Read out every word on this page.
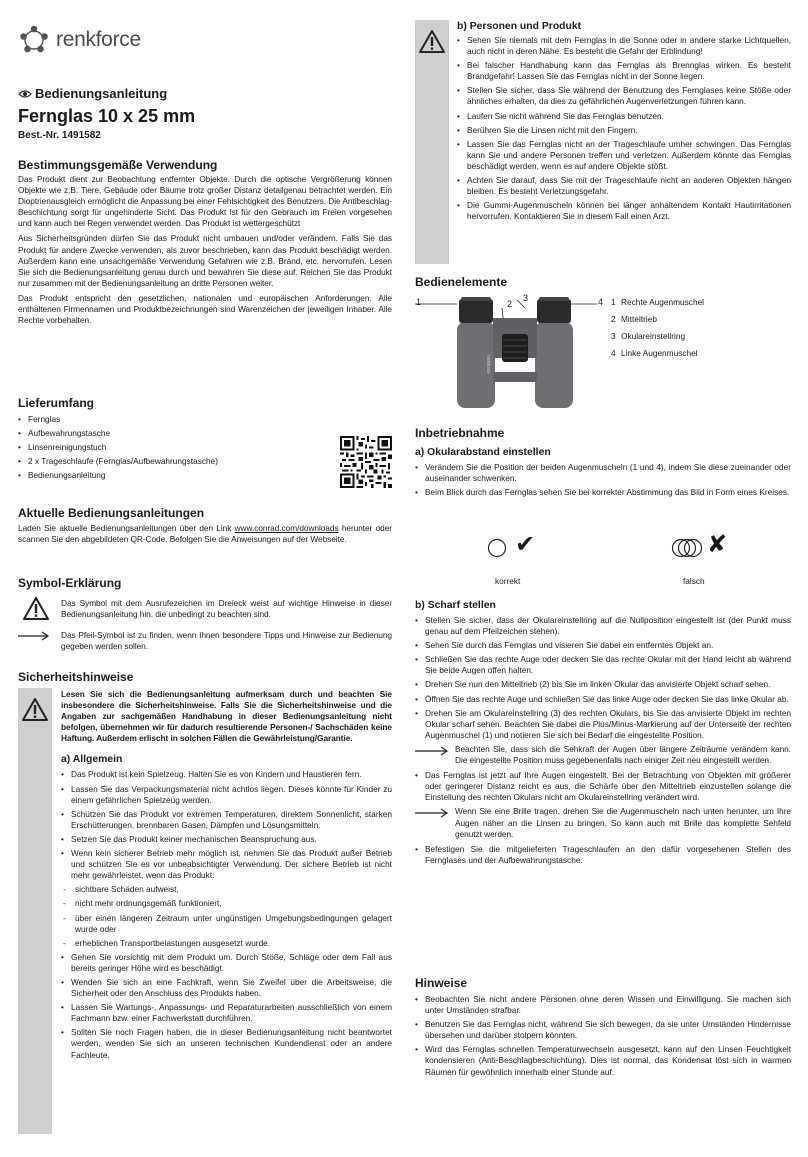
renkforce
Bedienungsanleitung
Fernglas 10 x 25 mm
Best.-Nr. 1491582
Bestimmungsgemäße Verwendung

Das Produkt dient zur Beobachtung entfernter Objekte. Durch die optische Vergrößerung können Objekte wie z.B. Tiere, Gebäude oder Bäume trotz großer Distanz detailgenau betrachtet werden. Ein Dioptrienausgleich ermöglicht die Anpassung bei einer Fehlsichtigkeit des Benutzers. Die Antibeschlag-Beschichtung sorgt für ungehinderte Sicht. Das Produkt ist für den Gebrauch im Freien vorgesehen und kann auch bei Regen verwendet werden. Das Produkt ist wettergeschützt

Aus Sicherheitsgründen dürfen Sie das Produkt nicht umbauen und/oder verändern. Falls Sie das Produkt für andere Zwecke verwenden, als zuvor beschrieben, kann das Produkt beschädigt werden. Außerdem kann eine unsachgemäße Verwendung Gefahren wie z.B. Brand, etc. hervorrufen. Lesen Sie sich die Bedienungsanleitung genau durch und bewahren Sie diese auf. Reichen Sie das Produkt nur zusammen mit der Bedienungsanleitung an dritte Personen weiter.

Das Produkt entspricht den gesetzlichen, nationalen und europäischen Anforderungen. Alle enthaltenen Firmennamen und Produktbezeichnungen sind Warenzeichen der jeweiligen Inhaber. Alle Rechte vorbehalten.

Lieferumfang
• Fernglas
• Aufbewahrungstasche
• Linsenreinigungstuch
• 2 x Trageschlaufe (Fernglas/Aufbewahrungstasche)
• Bedienungsanleitung
Aktuelle Bedienungsanleitungen

Laden Sie aktuelle Bedienungsanleitungen über den Link www.conrad.com/downloads herunter oder scannen Sie den abgebildeten QR-Code. Befolgen Sie die Anweisungen auf der Webseite.

Symbol-Erklärung

Das Symbol mit dem Ausrufezeichen im Dreieck weist auf wichtige Hinweise in dieser Bedienungsanleitung hin, die unbedingt zu beachten sind.

Das Pfeil-Symbol ist zu finden, wenn Ihnen besondere Tipps und Hinweise zur Bedienung gegeben werden sollen.

Sicherheitshinweise

Lesen Sie sich die Bedienungsanleitung aufmerksam durch und beachten Sie insbesondere die Sicherheitshinweise. Falls Sie die Sicherheitshinweise und die Angaben zur sachgemäßen Handhabung in dieser Bedienungsanleitung nicht befolgen, übernehmen wir für dadurch resultierende Personen-/ Sachschäden keine Haftung. Außerdem erlischt in solchen Fällen die Gewährleistung/Garantie.

a) Allgemein
• Das Produkt ist kein Spielzeug. Halten Sie es von Kindern und Haustieren fern.
• Lassen Sie das Verpackungsmaterial nicht achtlos liegen. Dieses könnte für Kinder zu einem gefährlichen Spielzeug werden.
• Schützen Sie das Produkt vor extremen Temperaturen, direktem Sonnenlicht, starken Erschütterungen, brennbaren Gasen, Dämpfen und Lösungsmitteln.
• Setzen Sie das Produkt keiner mechanischen Beanspruchung aus.
• Wenn kein sicherer Betrieb mehr möglich ist, nehmen Sie das Produkt außer Betrieb und schützen Sie es vor unbeabsichtigter Verwendung. Der sichere Betrieb ist nicht mehr gewährleistet, wenn das Produkt:
- sichtbare Schäden aufweist,
- nicht mehr ordnungsgemäß funktioniert,
- über einen längeren Zeitraum unter ungünstigen Umgebungsbedingungen gelagert wurde oder
- erheblichen Transportbelastungen ausgesetzt wurde.
• Gehen Sie vorsichtig mit dem Produkt um. Durch Stöße, Schläge oder dem Fall aus bereits geringer Höhe wird es beschädigt.
• Wenden Sie sich an eine Fachkraft, wenn Sie Zweifel über die Arbeitsweise, die Sicherheit oder den Anschluss des Produkts haben.
• Lassen Sie Wartungs-, Anpassungs- und Reparaturarbeiten ausschließlich von einem Fachmann bzw. einer Fachwerkstatt durchführen.
• Sollten Sie noch Fragen haben, die in dieser Bedienungsanleitung nicht beantwortet werden, wenden Sie sich an unseren technischen Kundendienst oder an andere Fachleute.
b) Personen und Produkt
• Sehen Sie niemals mit dem Fernglas in die Sonne oder in andere starke Lichtquellen, auch nicht in deren Nähe. Es besteht die Gefahr der Erblindung!
• Bei falscher Handhabung kann das Fernglas als Brennglas wirken. Es besteht Brandgefahr! Lassen Sie das Fernglas nicht in der Sonne liegen.
• Stellen Sie sicher, dass Sie während der Benutzung des Fernglases keine Stöße oder ähnliches erhalten, da dies zu gefährlichen Augenverletzungen führen kann.
• Laufen Sie nicht während Sie das Fernglas benutzen.
• Berühren Sie die Linsen nicht mit den Fingern.
• Lassen Sie das Fernglas nicht an der Trageschlaufe umher schwingen. Das Fernglas kann Sie und andere Personen treffen und verletzen. Außerdem könnte das Fernglas beschädigt werden, wenn es auf andere Objekte stößt.
• Achten Sie darauf, dass Sie mit der Trageschlaufe nicht an anderen Objekten hängen bleiben. Es besteht Verletzungsgefahr.
• Die Gummi-Augenmuscheln können bei länger anhaltendem Kontakt Hautirritationen hervorrufen. Kontaktieren Sie in diesem Fall einen Arzt.
Bedienelemente
1	2
3	4
renkforce
1 Rechte Augenmuschel
2 Mitteltrieb
3 Okulareinstellring
4 Linke Augenmuschel
Inbetriebnahme
a) Okularabstand einstellen
• Verändern Sie die Position der beiden Augenmuscheln (1 und 4), indem Sie diese zueinander oder auseinander schwenken.
• Beim Blick durch das Fernglas sehen Sie bei korrekter Abstimmung das Bild in Form eines Kreises.
✔
korrekt
✘
falsch
b) Scharf stellen
• Stellen Sie sicher, dass der Okulareinstellring auf die Nullposition eingestellt ist (der Punkt muss genau auf dem Pfeilzeichen stehen).
• Sehen Sie durch das Fernglas und visieren Sie dabei ein entferntes Objekt an.
• Schließen Sie das rechte Auge oder decken Sie das rechte Okular mit der Hand leicht ab während Sie beide Augen offen halten.
• Drehen Sie nun den Mitteltrieb (2) bis Sie im linken Okular das anvisierte Objekt scharf sehen.
• Öffnen Sie das rechte Auge und schließen Sie das linke Auge oder decken Sie das linke Okular ab.
• Drehen Sie am Okulareinstellring (3) des rechten Okulars, bis Sie das anvisierte Objekt im rechten Okular scharf sehen. Beachten Sie dabei die Plus/Minus-Markierung auf der Unterseite der rechten Augenmuschel (1) und notieren Sie sich bei Bedarf die eingestellte Position.

Beachten Sie, dass sich die Sehkraft der Augen über längere Zeiträume verändern kann. Die eingestellte Position muss gegebenenfalls nach einiger Zeit neu eingestellt werden.

• Das Fernglas ist jetzt auf Ihre Augen eingestellt. Bei der Betrachtung von Objekten mit größerer oder geringerer Distanz reicht es aus, die Schärfe über den Mitteltrieb einzustellen solange die Einstellung des rechten Okulars nicht am Okulareinstellring verändert wird.

Wenn Sie eine Brille tragen, drehen Sie die Augenmuscheln nach unten herunter, um Ihre Augen näher an die Linsen zu bringen. So kann auch mit Brille das komplette Sehfeld genutzt werden.

• Befestigen Sie die mitgelieferten Trageschlaufen an den dafür vorgesehenen Stellen des Fernglases und der Aufbewahrungstasche.
Hinweise
• Beobachten Sie nicht andere Personen ohne deren Wissen und Einwilligung. Sie machen sich unter Umständen strafbar.
• Benutzen Sie das Fernglas nicht, während Sie sich bewegen, da sie unter Umständen Hindernisse übersehen und darüber stolpern könnten.
• Wird das Fernglas schnellen Temperaturwechseln ausgesetzt, kann auf den Linsen Feuchtigkeit kondensieren (Anti-Beschlagbeschichtung). Dies ist normal, das Kondensat löst sich in warmen Räumen für gewöhnlich innerhalb einer Stunde auf.
